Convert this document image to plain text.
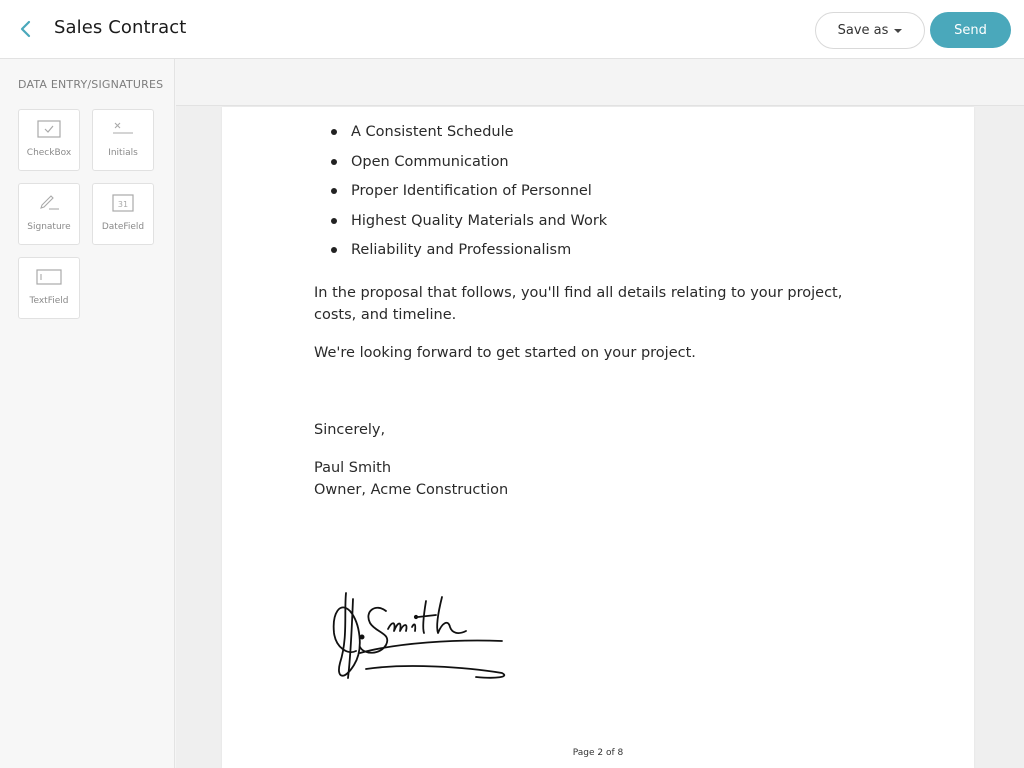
Sales Contract	Save as	Send
DATA ENTRY/SIGNATURES
CheckBox	Initials
Signature
31
DateField
TextField
A Consistent Schedule
Open Communication
Proper Identification of Personnel
Highest Quality Materials and Work
Reliability and Professionalism
In the proposal that follows, you'll find all details relating to your project, costs, and timeline.
We're looking forward to get started on your project.
Sincerely,
Paul Smith
Owner, Acme Construction
Page 2 of 8
